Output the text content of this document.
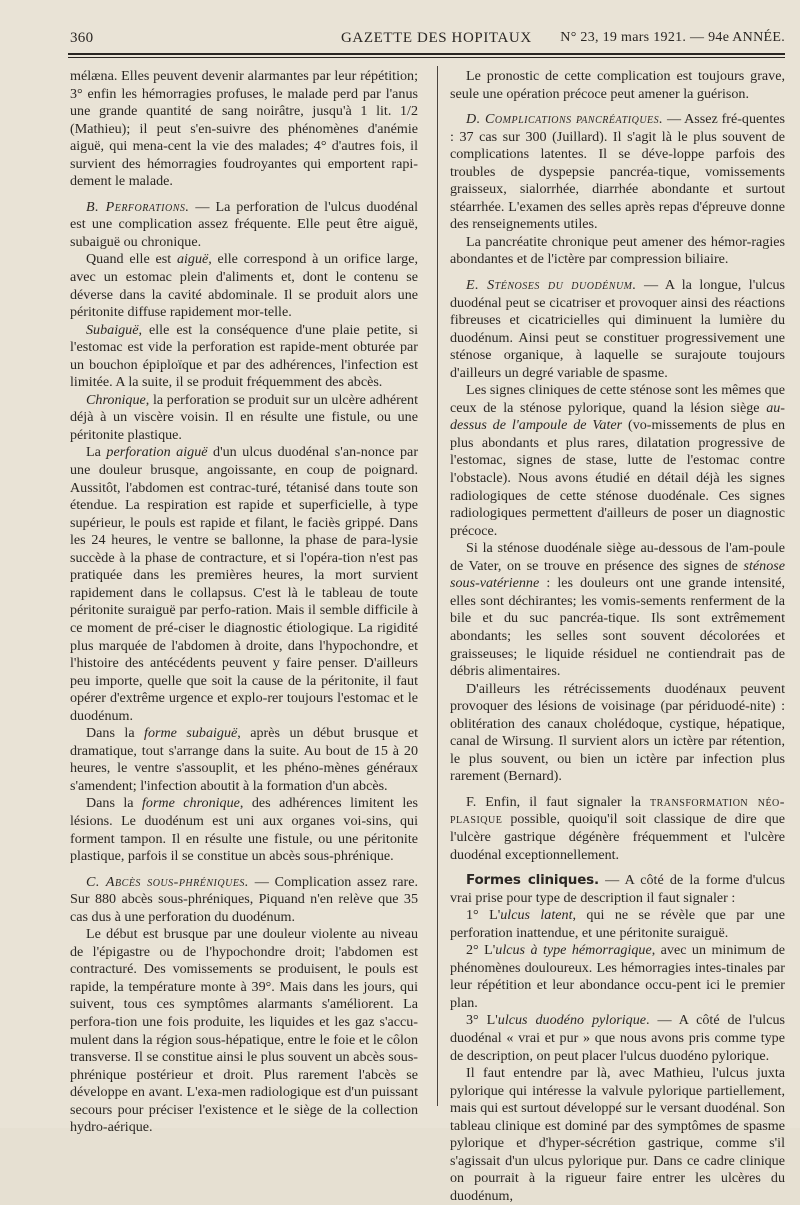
360	GAZETTE DES HOPITAUX N° 23, 19 mars 1921. — 94e ANNÉE.

mélæna. Elles peuvent devenir alarmantes par leur répétition; 3° enfin les hémorragies profuses, le malade perd par l'anus une grande quantité de sang noirâtre, jusqu'à 1 lit. 1/2 (Mathieu); il peut s'en-suivre des phénomènes d'anémie aiguë, qui mena-cent la vie des malades; 4° d'autres fois, il survient des hémorragies foudroyantes qui emportent rapi-dement le malade.

B. Perforations. — La perforation de l'ulcus duodénal est une complication assez fréquente. Elle peut être aiguë, subaiguë ou chronique.

Quand elle est aiguë, elle correspond à un orifice large, avec un estomac plein d'aliments et, dont le contenu se déverse dans la cavité abdominale. Il se produit alors une péritonite diffuse rapidement mor-telle.

Subaiguë, elle est la conséquence d'une plaie petite, si l'estomac est vide la perforation est rapide-ment obturée par un bouchon épiploïque et par des adhérences, l'infection est limitée. A la suite, il se produit fréquemment des abcès.

Chronique, la perforation se produit sur un ulcère adhérent déjà à un viscère voisin. Il en résulte une fistule, ou une péritonite plastique.

La perforation aiguë d'un ulcus duodénal s'an-nonce par une douleur brusque, angoissante, en coup de poignard. Aussitôt, l'abdomen est contrac-turé, tétanisé dans toute son étendue. La respiration est rapide et superficielle, à type supérieur, le pouls est rapide et filant, le faciès grippé. Dans les 24 heures, le ventre se ballonne, la phase de para-lysie succède à la phase de contracture, et si l'opéra-tion n'est pas pratiquée dans les premières heures, la mort survient rapidement dans le collapsus. C'est là le tableau de toute péritonite suraiguë par perfo-ration. Mais il semble difficile à ce moment de pré-ciser le diagnostic étiologique. La rigidité plus marquée de l'abdomen à droite, dans l'hypochondre, et l'histoire des antécédents peuvent y faire penser. D'ailleurs peu importe, quelle que soit la cause de la péritonite, il faut opérer d'extrême urgence et explo-rer toujours l'estomac et le duodénum.

Dans la forme subaiguë, après un début brusque et dramatique, tout s'arrange dans la suite. Au bout de 15 à 20 heures, le ventre s'assouplit, et les phéno-mènes généraux s'amendent; l'infection aboutit à la formation d'un abcès.

Dans la forme chronique, des adhérences limitent les lésions. Le duodénum est uni aux organes voi-sins, qui forment tampon. Il en résulte une fistule, ou une péritonite plastique, parfois il se constitue un abcès sous-phrénique.

C. Abcès sous-phréniques. — Complication assez rare. Sur 880 abcès sous-phréniques, Piquand n'en relève que 35 cas dus à une perforation du duodénum.

Le début est brusque par une douleur violente au niveau de l'épigastre ou de l'hypochondre droit; l'abdomen est contracturé. Des vomissements se produisent, le pouls est rapide, la température monte à 39°. Mais dans les jours, qui suivent, tous ces symptômes alarmants s'améliorent. La perfora-tion une fois produite, les liquides et les gaz s'accu-mulent dans la région sous-hépatique, entre le foie et le côlon transverse. Il se constitue ainsi le plus souvent un abcès sous-phrénique postérieur et droit. Plus rarement l'abcès se développe en avant. L'exa-men radiologique est d'un puissant secours pour préciser l'existence et le siège de la collection hydro-aérique.

Le pronostic de cette complication est toujours grave, seule une opération précoce peut amener la guérison.

D. Complications pancréatiques. — Assez fré-quentes : 37 cas sur 300 (Juillard). Il s'agit là le plus souvent de complications latentes. Il se déve-loppe parfois des troubles de dyspepsie pancréa-tique, vomissements graisseux, sialorrhée, diarrhée abondante et surtout stéarrhée. L'examen des selles après repas d'épreuve donne des renseignements utiles.

La pancréatite chronique peut amener des hémor-ragies abondantes et de l'ictère par compression biliaire.

E. Sténoses du duodénum. — A la longue, l'ulcus duodénal peut se cicatriser et provoquer ainsi des réactions fibreuses et cicatricielles qui diminuent la lumière du duodénum. Ainsi peut se constituer progressivement une sténose organique, à laquelle se surajoute toujours d'ailleurs un degré variable de spasme.

Les signes cliniques de cette sténose sont les mêmes que ceux de la sténose pylorique, quand la lésion siège au-dessus de l'ampoule de Vater (vo-missements de plus en plus abondants et plus rares, dilatation progressive de l'estomac, signes de stase, lutte de l'estomac contre l'obstacle). Nous avons étudié en détail déjà les signes radiologiques de cette sténose duodénale. Ces signes radiologiques permettent d'ailleurs de poser un diagnostic précoce.

Si la sténose duodénale siège au-dessous de l'am-poule de Vater, on se trouve en présence des signes de sténose sous-vatérienne : les douleurs ont une grande intensité, elles sont déchirantes; les vomis-sements renferment de la bile et du suc pancréa-tique. Ils sont extrêmement abondants; les selles sont souvent décolorées et graisseuses; le liquide résiduel ne contiendrait pas de débris alimentaires.

D'ailleurs les rétrécissements duodénaux peuvent provoquer des lésions de voisinage (par périduodé-nite) : oblitération des canaux cholédoque, cystique, hépatique, canal de Wirsung. Il survient alors un ictère par rétention, le plus souvent, ou bien un ictère par infection plus rarement (Bernard).

F. Enfin, il faut signaler la transformation néo-plasique possible, quoiqu'il soit classique de dire que l'ulcère gastrique dégénère fréquemment et l'ulcère duodénal exceptionnellement.

Formes cliniques. — A côté de la forme d'ulcus vrai prise pour type de description il faut signaler :

1° L'ulcus latent, qui ne se révèle que par une perforation inattendue, et une péritonite suraiguë.

2° L'ulcus à type hémorragique, avec un minimum de phénomènes douloureux. Les hémorragies intes-tinales par leur répétition et leur abondance occu-pent ici le premier plan.

3° L'ulcus duodéno pylorique. — A côté de l'ulcus duodénal « vrai et pur » que nous avons pris comme type de description, on peut placer l'ulcus duodéno pylorique.

Il faut entendre par là, avec Mathieu, l'ulcus juxta pylorique qui intéresse la valvule pylorique partiellement, mais qui est surtout développé sur le versant duodénal. Son tableau clinique est dominé par des symptômes de spasme pylorique et d'hyper-sécrétion gastrique, comme s'il s'agissait d'un ulcus pylorique pur. Dans ce cadre clinique on pourrait à la rigueur faire entrer les ulcères du duodénum,
